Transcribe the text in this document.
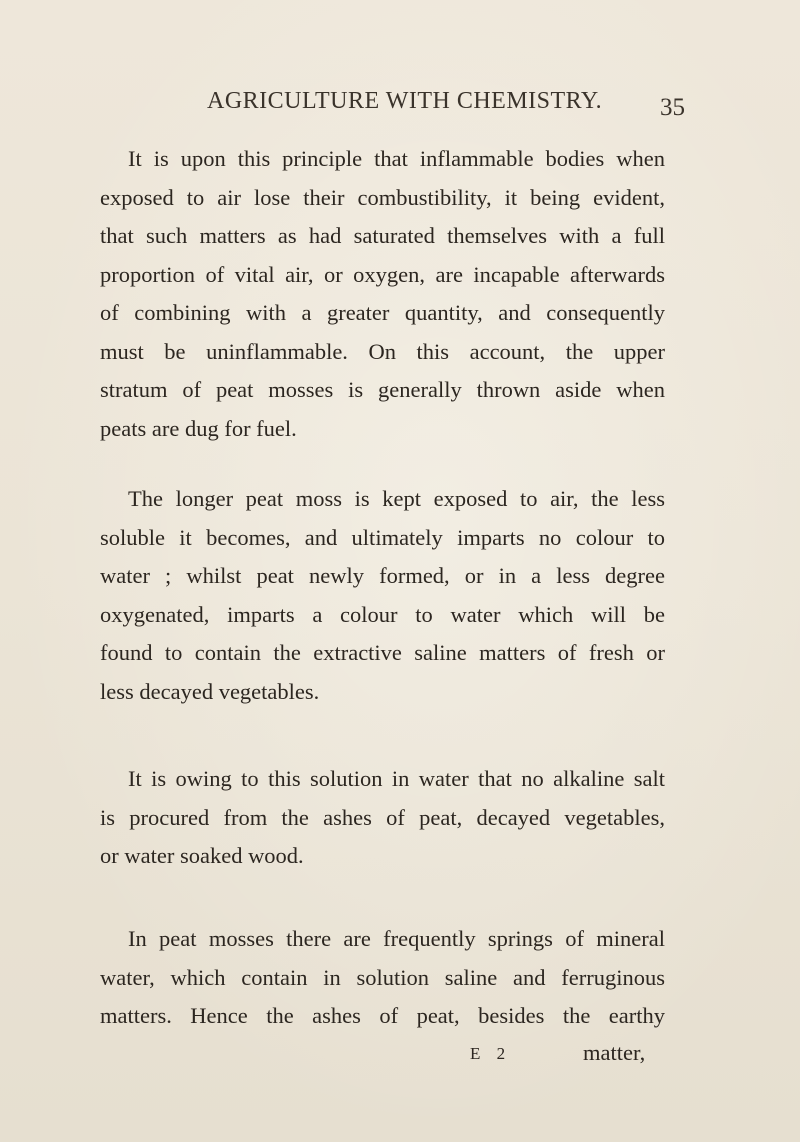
AGRICULTURE WITH CHEMISTRY. 35
It is upon this principle that inflammable bodies when
exposed to air lose their combustibility, it being evident,
that such matters as had saturated themselves with a full
proportion of vital air, or oxygen, are incapable afterwards
of combining with a greater quantity, and consequently
must be uninflammable. On this account, the upper
stratum of peat mosses is generally thrown aside when
peats are dug for fuel.
The longer peat moss is kept exposed to air, the less
soluble it becomes, and ultimately imparts no colour to
water ; whilst peat newly formed, or in a less degree
oxygenated, imparts a colour to water which will be
found to contain the extractive saline matters of fresh or
less decayed vegetables.
It is owing to this solution in water that no alkaline salt
is procured from the ashes of peat, decayed vegetables,
or water soaked wood.
In peat mosses there are frequently springs of mineral
water, which contain in solution saline and ferruginous
matters. Hence the ashes of peat, besides the earthy
E 2	matter,
